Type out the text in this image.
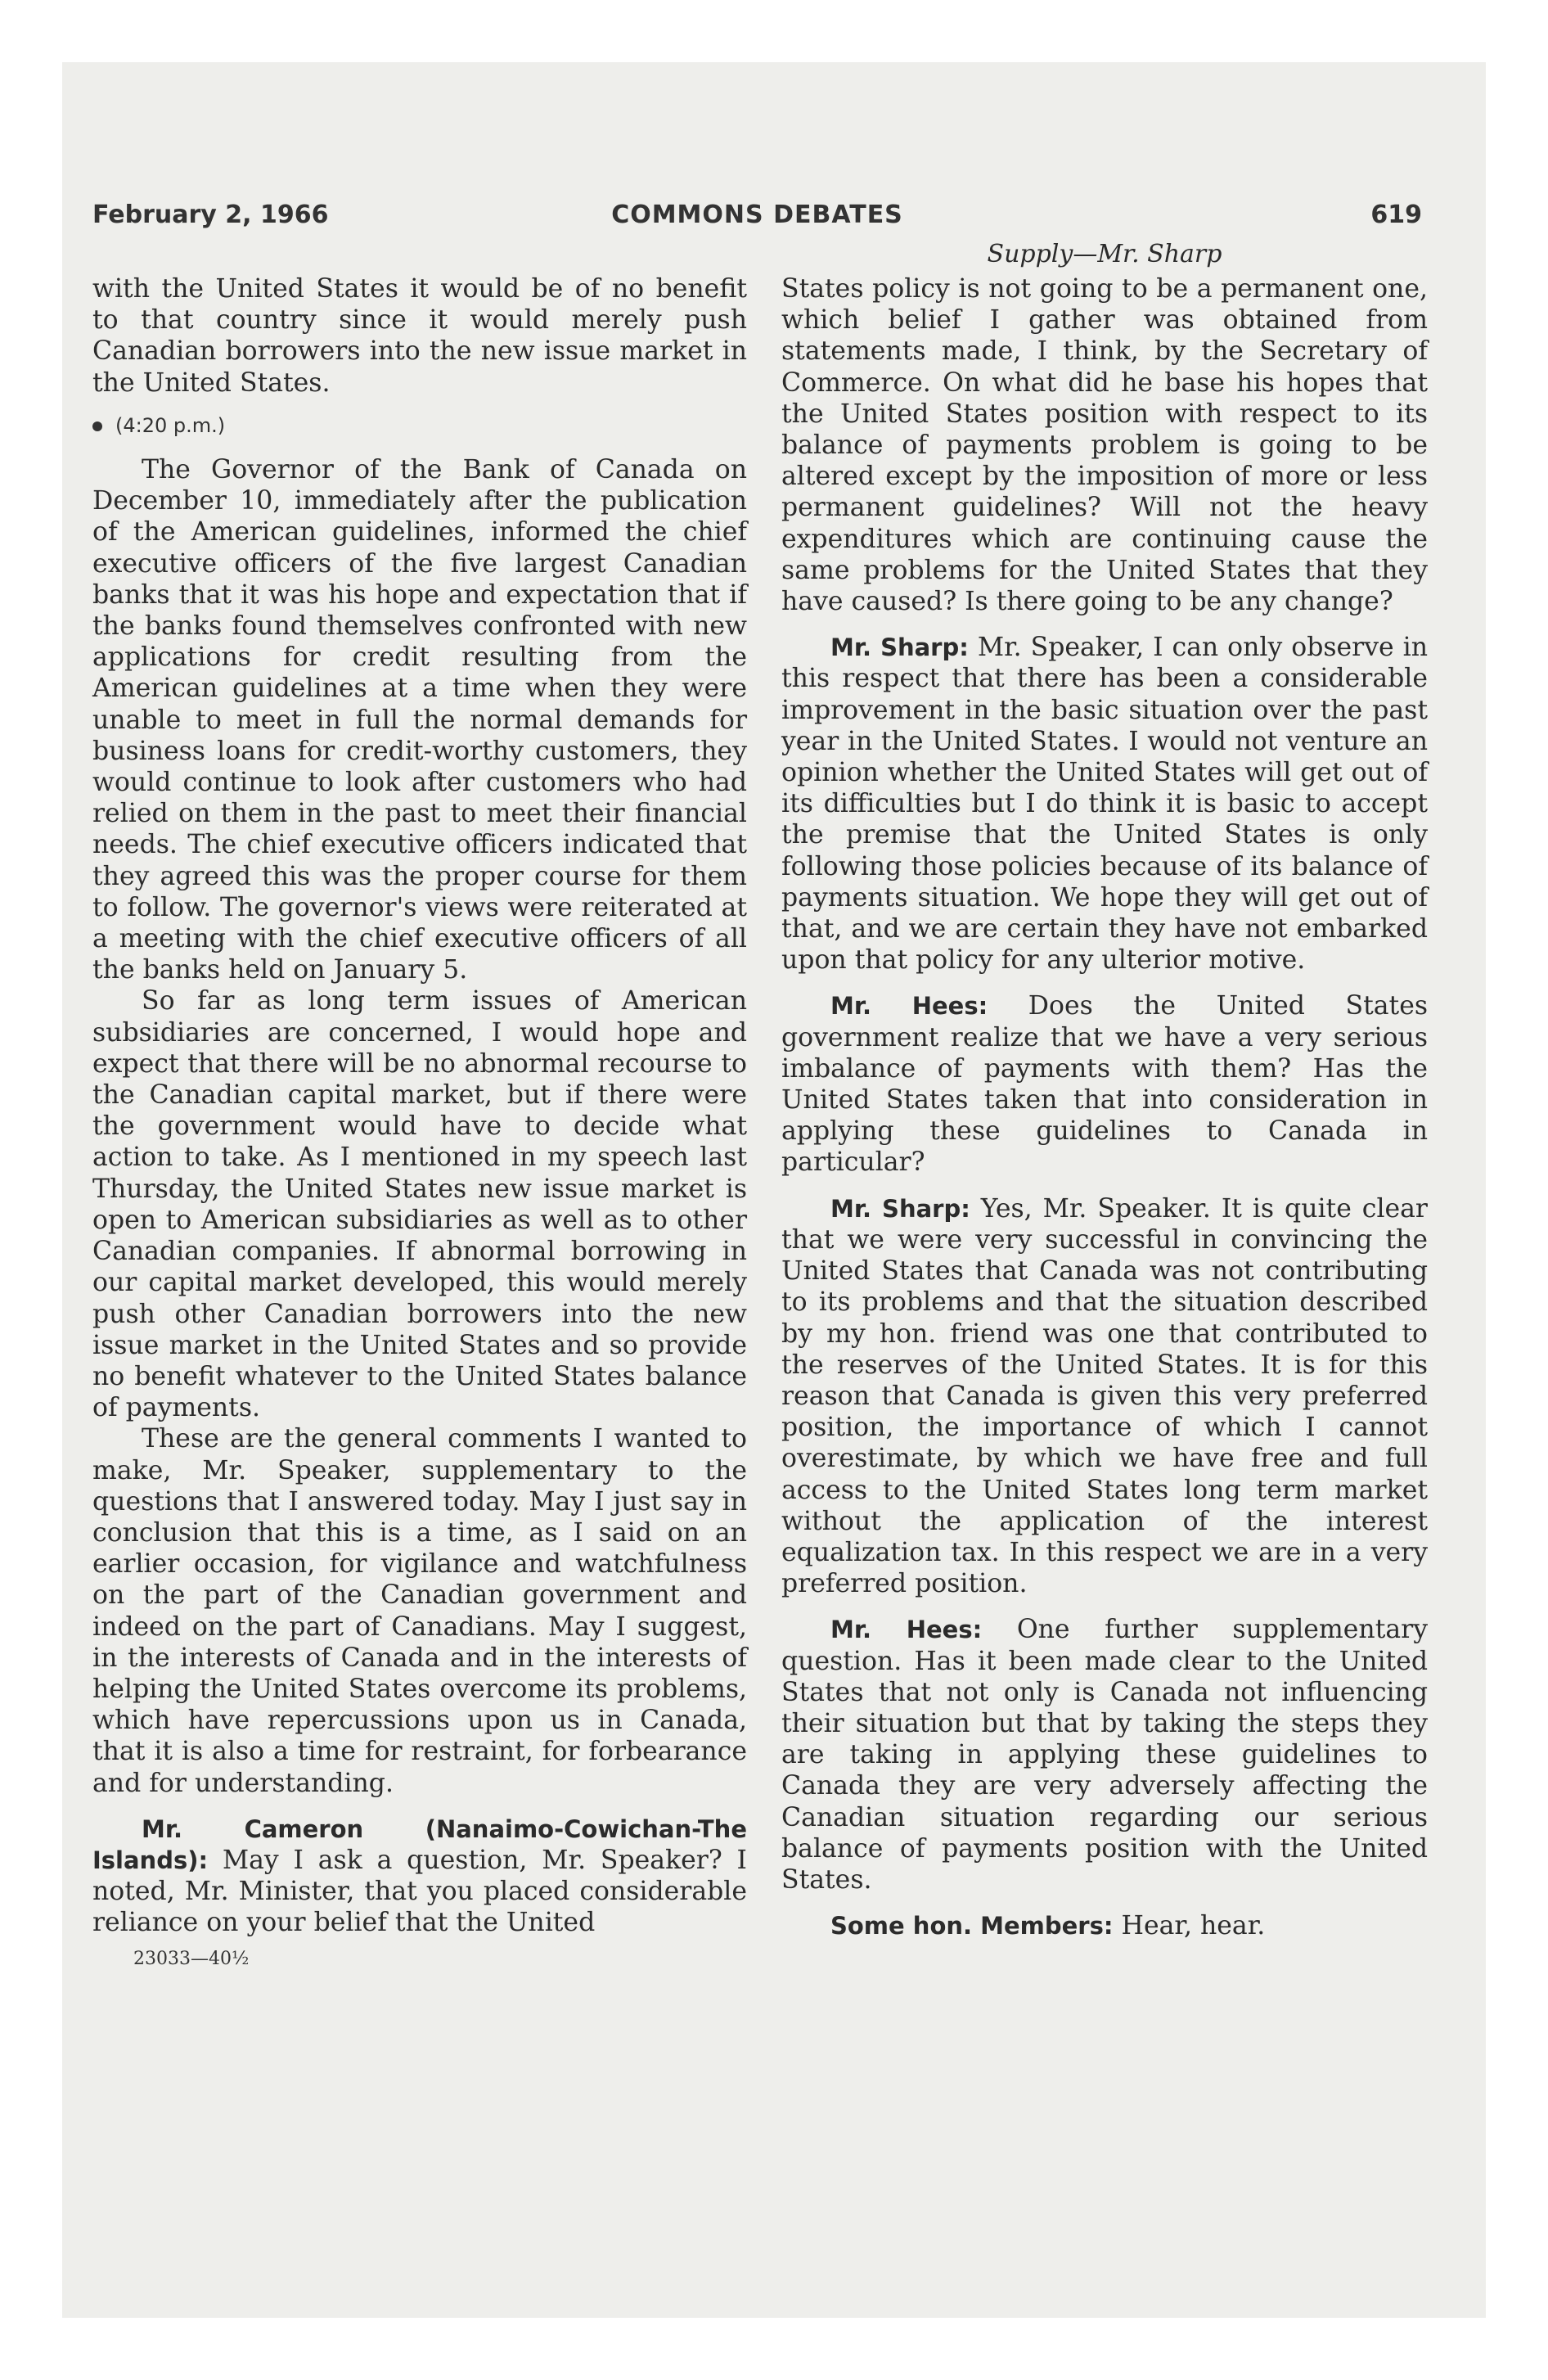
February 2, 1966	COMMONS DEBATES	619

with the United States it would be of no benefit to that country since it would merely push Canadian borrowers into the new issue market in the United States.

(4:20 p.m.)

The Governor of the Bank of Canada on December 10, immediately after the publication of the American guidelines, informed the chief executive officers of the five largest Canadian banks that it was his hope and expectation that if the banks found themselves confronted with new applications for credit resulting from the American guidelines at a time when they were unable to meet in full the normal demands for business loans for credit-worthy customers, they would continue to look after customers who had relied on them in the past to meet their financial needs. The chief executive officers indicated that they agreed this was the proper course for them to follow. The governor's views were reiterated at a meeting with the chief executive officers of all the banks held on January 5.

So far as long term issues of American subsidiaries are concerned, I would hope and expect that there will be no abnormal recourse to the Canadian capital market, but if there were the government would have to decide what action to take. As I mentioned in my speech last Thursday, the United States new issue market is open to American subsidiaries as well as to other Canadian companies. If abnormal borrowing in our capital market developed, this would merely push other Canadian borrowers into the new issue market in the United States and so provide no benefit whatever to the United States balance of payments.

These are the general comments I wanted to make, Mr. Speaker, supplementary to the questions that I answered today. May I just say in conclusion that this is a time, as I said on an earlier occasion, for vigilance and watchfulness on the part of the Canadian government and indeed on the part of Canadians. May I suggest, in the interests of Canada and in the interests of helping the United States overcome its problems, which have repercussions upon us in Canada, that it is also a time for restraint, for forbearance and for understanding.

Mr. Cameron (Nanaimo-Cowichan-The Islands): May I ask a question, Mr. Speaker? I noted, Mr. Minister, that you placed considerable reliance on your belief that the United

23033—40½
Supply—Mr. Sharp

States policy is not going to be a permanent one, which belief I gather was obtained from statements made, I think, by the Secretary of Commerce. On what did he base his hopes that the United States position with respect to its balance of payments problem is going to be altered except by the imposition of more or less permanent guidelines? Will not the heavy expenditures which are continuing cause the same problems for the United States that they have caused? Is there going to be any change?

Mr. Sharp: Mr. Speaker, I can only observe in this respect that there has been a considerable improvement in the basic situation over the past year in the United States. I would not venture an opinion whether the United States will get out of its difficulties but I do think it is basic to accept the premise that the United States is only following those policies because of its balance of payments situation. We hope they will get out of that, and we are certain they have not embarked upon that policy for any ulterior motive.

Mr. Hees: Does the United States government realize that we have a very serious imbalance of payments with them? Has the United States taken that into consideration in applying these guidelines to Canada in particular?

Mr. Sharp: Yes, Mr. Speaker. It is quite clear that we were very successful in convincing the United States that Canada was not contributing to its problems and that the situation described by my hon. friend was one that contributed to the reserves of the United States. It is for this reason that Canada is given this very preferred position, the importance of which I cannot overestimate, by which we have free and full access to the United States long term market without the application of the interest equalization tax. In this respect we are in a very preferred position.

Mr. Hees: One further supplementary question. Has it been made clear to the United States that not only is Canada not influencing their situation but that by taking the steps they are taking in applying these guidelines to Canada they are very adversely affecting the Canadian situation regarding our serious balance of payments position with the United States.

Some hon. Members: Hear, hear.
